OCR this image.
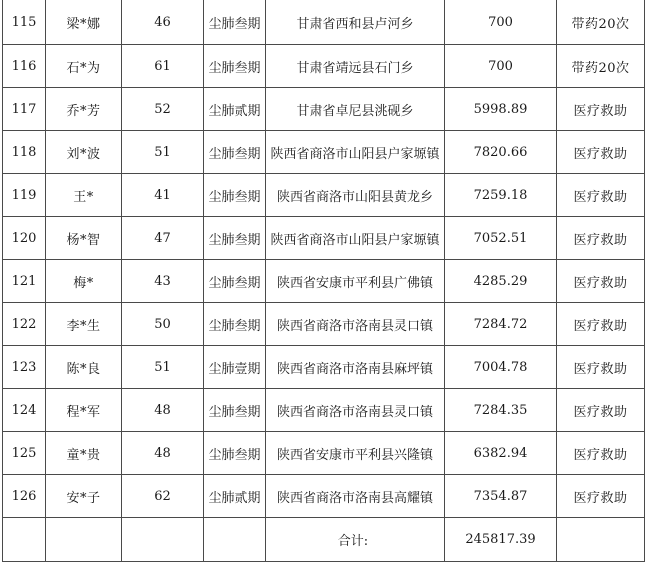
115	梁*娜	46	尘肺叁期	甘肃省西和县卢河乡	700	带药20次
116	石*为	61	尘肺叁期	甘肃省靖远县石门乡	700	带药20次
117	乔*芳	52	尘肺贰期	甘肃省卓尼县洮砚乡	5998.89	医疗救助
118	刘*波	51	尘肺叁期	陕西省商洛市山阳县户家塬镇	7820.66	医疗救助
119	王*	41	尘肺叁期	陕西省商洛市山阳县黄龙乡	7259.18	医疗救助
120	杨*智	47	尘肺叁期	陕西省商洛市山阳县户家塬镇	7052.51	医疗救助
121	梅*	43	尘肺叁期	陕西省安康市平利县广佛镇	4285.29	医疗救助
122	李*生	50	尘肺叁期	陕西省商洛市洛南县灵口镇	7284.72	医疗救助
123	陈*良	51	尘肺壹期	陕西省商洛市洛南县麻坪镇	7004.78	医疗救助
124	程*军	48	尘肺叁期	陕西省商洛市洛南县灵口镇	7284.35	医疗救助
125	童*贵	48	尘肺叁期	陕西省安康市平利县兴隆镇	6382.94	医疗救助
126	安*子	62	尘肺贰期	陕西省商洛市洛南县高耀镇	7354.87	医疗救助
				合计:	245817.39	
